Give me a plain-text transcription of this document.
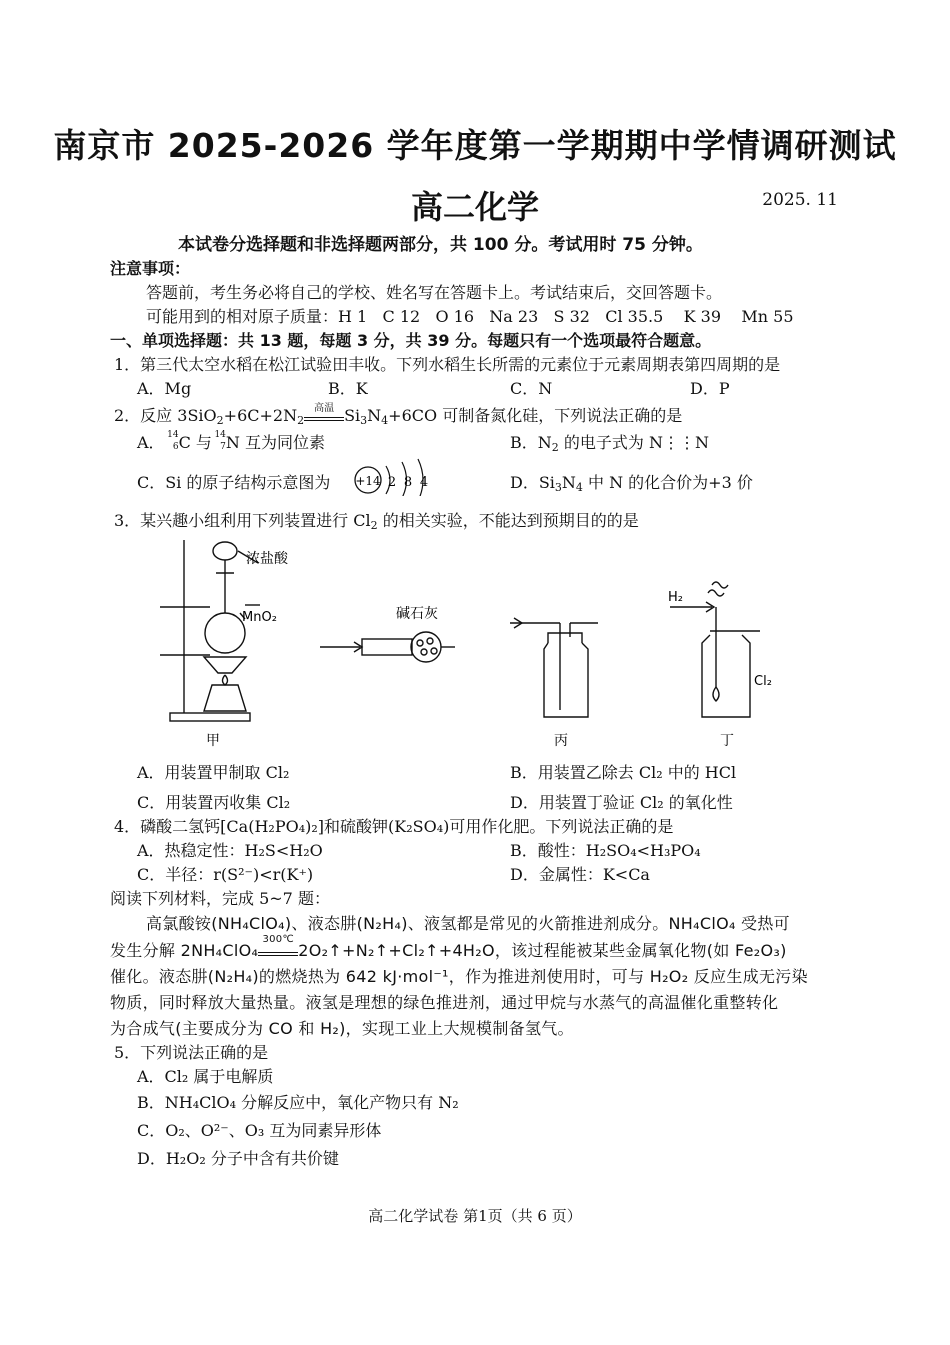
南京市 2025-2026 学年度第一学期期中学情调研测试
高二化学	2025. 11
本试卷分选择题和非选择题两部分，共 100 分。考试用时 75 分钟。
注意事项：
答题前，考生务必将自己的学校、姓名写在答题卡上。考试结束后，交回答题卡。
可能用到的相对原子质量：H 1 C 12 O 16 Na 23 S 32 Cl 35.5 K 39 Mn 55
一、单项选择题：共 13 题，每题 3 分，共 39 分。每题只有一个选项最符合题意。
1．第三代太空水稻在松江试验田丰收。下列水稻生长所需的元素位于元素周期表第四周期的是
A．Mg	B．K	C．N	D．P
2．反应 $3SiO_2+6C+2N_2$
高温 $Si_3N_4+6CO$ 可制备氮化硅，下列说法正确的是
A． 14
6 C 与 14
7 N 互为同位素	B．$N_2$ 的电子式为 N⋮⋮N
C．Si 的原子结构示意图为 +14 2 8 4	D．$Si_3N_4$ 中 N 的化合价为+3 价
3．某兴趣小组利用下列装置进行 $Cl_2$ 的相关实验，不能达到预期目的的是
浓盐酸
MnO₂
甲
碱石灰
丙
H₂
Cl₂
丁
A．用装置甲制取 Cl₂	B．用装置乙除去 Cl₂ 中的 HCl
C．用装置丙收集 Cl₂	D．用装置丁验证 Cl₂ 的氧化性
4．磷酸二氢钙[Ca(H₂PO₄)₂]和硫酸钾(K₂SO₄)可用作化肥。下列说法正确的是
A．热稳定性：H₂S<H₂O	B．酸性：H₂SO₄<H₃PO₄
C．半径：r(S²⁻)<r(K⁺)	D．金属性：K<Ca
阅读下列材料，完成 5~7 题：
高氯酸铵(NH₄ClO₄)、液态肼(N₂H₄)、液氢都是常见的火箭推进剂成分。NH₄ClO₄ 受热可
发生分解 2NH₄ClO₄
300℃
2O₂↑+N₂↑+Cl₂↑+4H₂O，该过程能被某些金属氧化物(如 Fe₂O₃)
催化。液态肼(N₂H₄)的燃烧热为 642 kJ·mol⁻¹，作为推进剂使用时，可与 H₂O₂ 反应生成无污染
物质，同时释放大量热量。液氢是理想的绿色推进剂，通过甲烷与水蒸气的高温催化重整转化
为合成气(主要成分为 CO 和 H₂)，实现工业上大规模制备氢气。
5．下列说法正确的是
A．Cl₂ 属于电解质
B．NH₄ClO₄ 分解反应中，氧化产物只有 N₂
C．O₂、O²⁻、O₃ 互为同素异形体
D．H₂O₂ 分子中含有共价键
高二化学试卷 第1页（共 6 页）
